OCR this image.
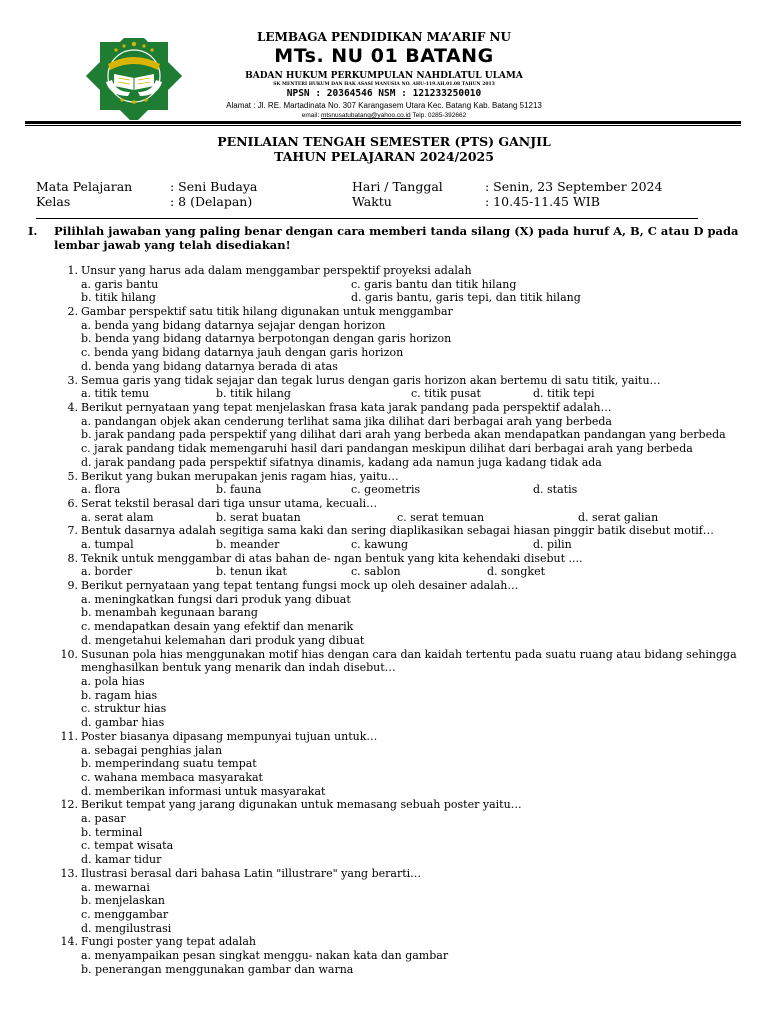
LEMBAGA PENDIDIKAN MA’ARIF NU
MTs. NU 01 BATANG
BADAN HUKUM PERKUMPULAN NAHDLATUL ULAMA
SK MENTERI HUKUM DAN HAK ASASI MANUSIA NO. AHU-119.AH.01.08 TAHUN 2013
NPSN : 20364546 NSM : 121233250010
Alamat : Jl. RE. Martadinata No. 307 Karangasem Utara Kec. Batang Kab. Batang 51213
email: mtsnusatubatang@yahoo.co.id Telp. 0285-392662
PENILAIAN TENGAH SEMESTER (PTS) GANJIL
TAHUN PELAJARAN 2024/2025
Mata Pelajaran	: Seni Budaya	Hari / Tanggal	: Senin, 23 September 2024
Kelas	: 8 (Delapan)	Waktu	: 10.45-11.45 WIB
I. Pilihlah jawaban yang paling benar dengan cara memberi tanda silang (X) pada huruf A, B, C atau D pada lembar jawab yang telah disediakan!
1. Unsur yang harus ada dalam menggambar perspektif proyeksi adalah
a. garis bantu	c. garis bantu dan titik hilang
b. titik hilang	d. garis bantu, garis tepi, dan titik hilang
2. Gambar perspektif satu titik hilang digunakan untuk menggambar
a. benda yang bidang datarnya sejajar dengan horizon
b. benda yang bidang datarnya berpotongan dengan garis horizon
c. benda yang bidang datarnya jauh dengan garis horizon
d. benda yang bidang datarnya berada di atas
3. Semua garis yang tidak sejajar dan tegak lurus dengan garis horizon akan bertemu di satu titik, yaitu…
a. titik temu	b. titik hilang	c. titik pusat	d. titik tepi
4. Berikut pernyataan yang tepat menjelaskan frasa kata jarak pandang pada perspektif adalah…
a. pandangan objek akan cenderung terlihat sama jika dilihat dari berbagai arah yang berbeda
b. jarak pandang pada perspektif yang dilihat dari arah yang berbeda akan mendapatkan pandangan yang berbeda
c. jarak pandang tidak memengaruhi hasil dari pandangan meskipun dilihat dari berbagai arah yang berbeda
d. jarak pandang pada perspektif sifatnya dinamis, kadang ada namun juga kadang tidak ada
5. Berikut yang bukan merupakan jenis ragam hias, yaitu…
a. flora	b. fauna	c. geometris	d. statis
6. Serat tekstil berasal dari tiga unsur utama, kecuali…
a. serat alam	b. serat buatan	c. serat temuan	d. serat galian
7. Bentuk dasarnya adalah segitiga sama kaki dan sering diaplikasikan sebagai hiasan pinggir batik disebut motif…
a. tumpal	b. meander	c. kawung	d. pilin
8. Teknik untuk menggambar di atas bahan de- ngan bentuk yang kita kehendaki disebut ....
a. border	b. tenun ikat	c. sablon	d. songket
9. Berikut pernyataan yang tepat tentang fungsi mock up oleh desainer adalah…
a. meningkatkan fungsi dari produk yang dibuat
b. menambah kegunaan barang
c. mendapatkan desain yang efektif dan menarik
d. mengetahui kelemahan dari produk yang dibuat
10. Susunan pola hias menggunakan motif hias dengan cara dan kaidah tertentu pada suatu ruang atau bidang sehingga menghasilkan bentuk yang menarik dan indah disebut…
a. pola hias
b. ragam hias
c. struktur hias
d. gambar hias
11. Poster biasanya dipasang mempunyai tujuan untuk…
a. sebagai penghias jalan
b. memperindang suatu tempat
c. wahana membaca masyarakat
d. memberikan informasi untuk masyarakat
12. Berikut tempat yang jarang digunakan untuk memasang sebuah poster yaitu…
a. pasar
b. terminal
c. tempat wisata
d. kamar tidur
13. Ilustrasi berasal dari bahasa Latin "illustrare" yang berarti…
a. mewarnai
b. menjelaskan
c. menggambar
d. mengilustrasi
14. Fungi poster yang tepat adalah
a. menyampaikan pesan singkat menggu- nakan kata dan gambar
b. penerangan menggunakan gambar dan warna
